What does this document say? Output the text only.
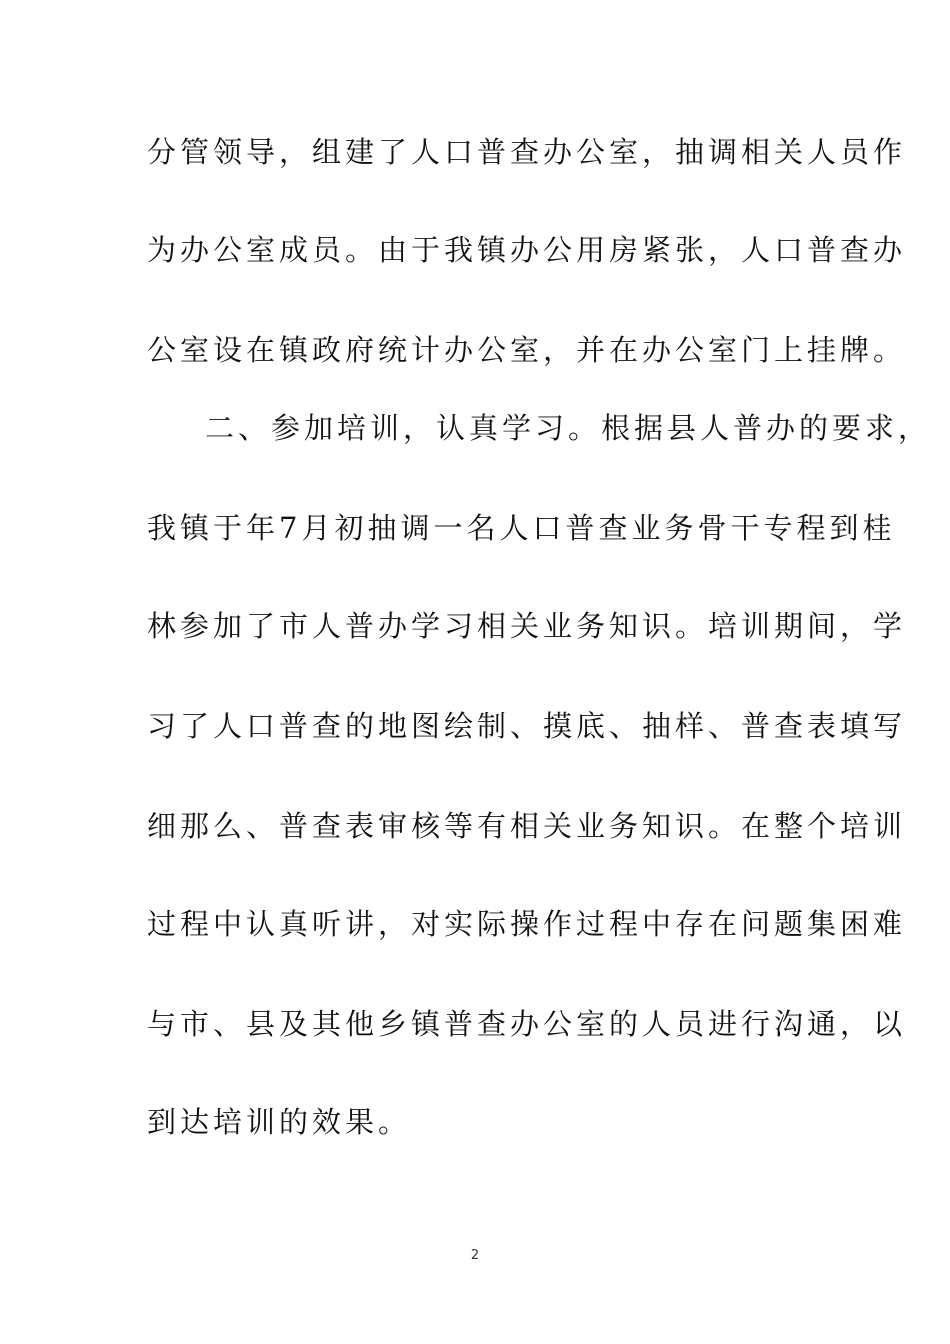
分管领导，组建了人口普查办公室，抽调相关人员作
为办公室成员。由于我镇办公用房紧张，人口普查办
公室设在镇政府统计办公室，并在办公室门上挂牌。
二、参加培训，认真学习。根据县人普办的要求，
我镇于年7月初抽调一名人口普查业务骨干专程到桂
林参加了市人普办学习相关业务知识。培训期间，学
习了人口普查的地图绘制、摸底、抽样、普查表填写
细那么、普查表审核等有相关业务知识。在整个培训
过程中认真听讲，对实际操作过程中存在问题集困难
与市、县及其他乡镇普查办公室的人员进行沟通，以
到达培训的效果。
2
